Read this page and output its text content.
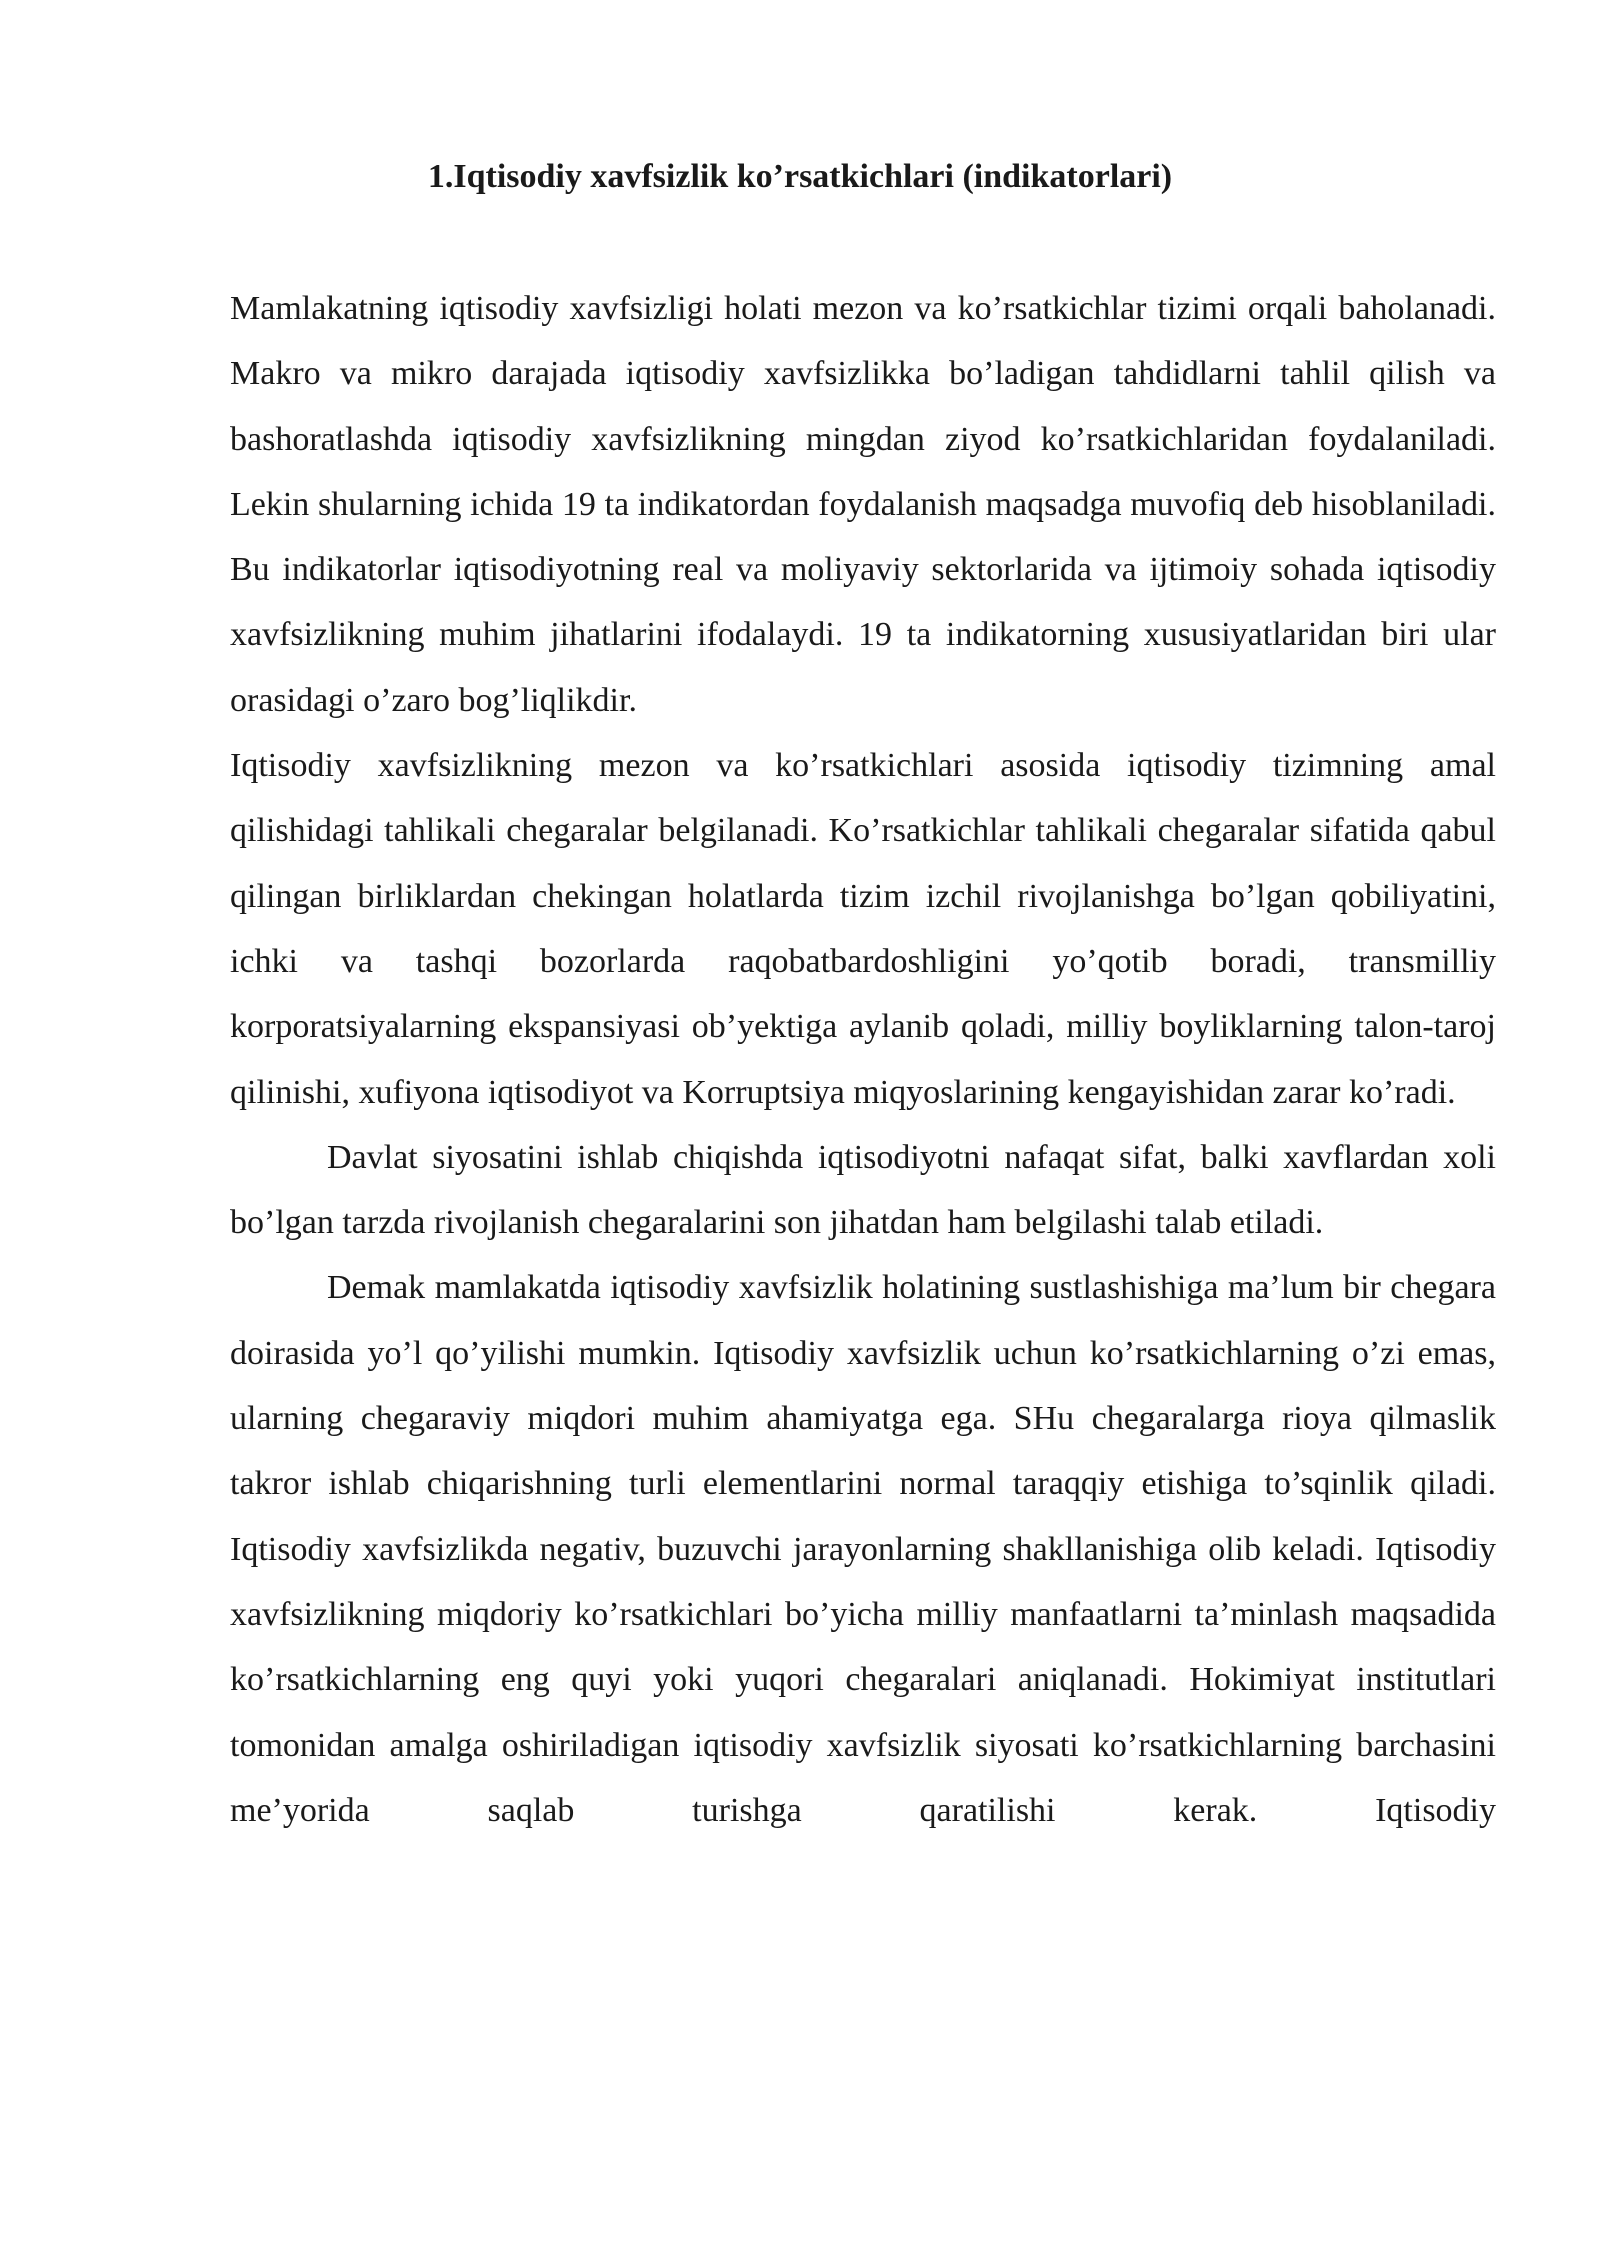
1.Iqtisodiy xavfsizlik ko’rsatkichlari (indikatorlari)

Mamlakatning iqtisodiy xavfsizligi holati mezon va ko’rsatkichlar tizimi orqali baholanadi. Makro va mikro darajada iqtisodiy xavfsizlikka bo’ladigan tahdidlarni tahlil qilish va bashoratlashda iqtisodiy xavfsizlikning mingdan ziyod ko’rsatkichlaridan foydalaniladi. Lekin shularning ichida 19 ta indikatordan foydalanish maqsadga muvofiq deb hisoblaniladi. Bu indikatorlar iqtisodiyotning real va moliyaviy sektorlarida va ijtimoiy sohada iqtisodiy xavfsizlikning muhim jihatlarini ifodalaydi. 19 ta indikatorning xususiyatlaridan biri ular orasidagi o’zaro bog’liqlikdir.

Iqtisodiy xavfsizlikning mezon va ko’rsatkichlari asosida iqtisodiy tizimning amal qilishidagi tahlikali chegaralar belgilanadi. Ko’rsatkichlar tahlikali chegaralar sifatida qabul qilingan birliklardan chekingan holatlarda tizim izchil rivojlanishga bo’lgan qobiliyatini, ichki va tashqi bozorlarda raqobatbardoshligini yo’qotib boradi, transmilliy korporatsiyalarning ekspansiyasi ob’yektiga aylanib qoladi, milliy boyliklarning talon-taroj qilinishi, xufiyona iqtisodiyot va Korruptsiya miqyoslarining kengayishidan zarar ko’radi.

Davlat siyosatini ishlab chiqishda iqtisodiyotni nafaqat sifat, balki xavflardan xoli bo’lgan tarzda rivojlanish chegaralarini son jihatdan ham belgilashi talab etiladi.

Demak mamlakatda iqtisodiy xavfsizlik holatining sustlashishiga ma’lum bir chegara doirasida yo’l qo’yilishi mumkin. Iqtisodiy xavfsizlik uchun ko’rsatkichlarning o’zi emas, ularning chegaraviy miqdori muhim ahamiyatga ega. SHu chegaralarga rioya qilmaslik takror ishlab chiqarishning turli elementlarini normal taraqqiy etishiga to’sqinlik qiladi. Iqtisodiy xavfsizlikda negativ, buzuvchi jarayonlarning shakllanishiga olib keladi. Iqtisodiy xavfsizlikning miqdoriy ko’rsatkichlari bo’yicha milliy manfaatlarni ta’minlash maqsadida ko’rsatkichlarning eng quyi yoki yuqori chegaralari aniqlanadi. Hokimiyat institutlari tomonidan amalga oshiriladigan iqtisodiy xavfsizlik siyosati ko’rsatkichlarning barchasini me’yorida saqlab turishga qaratilishi kerak. Iqtisodiy
